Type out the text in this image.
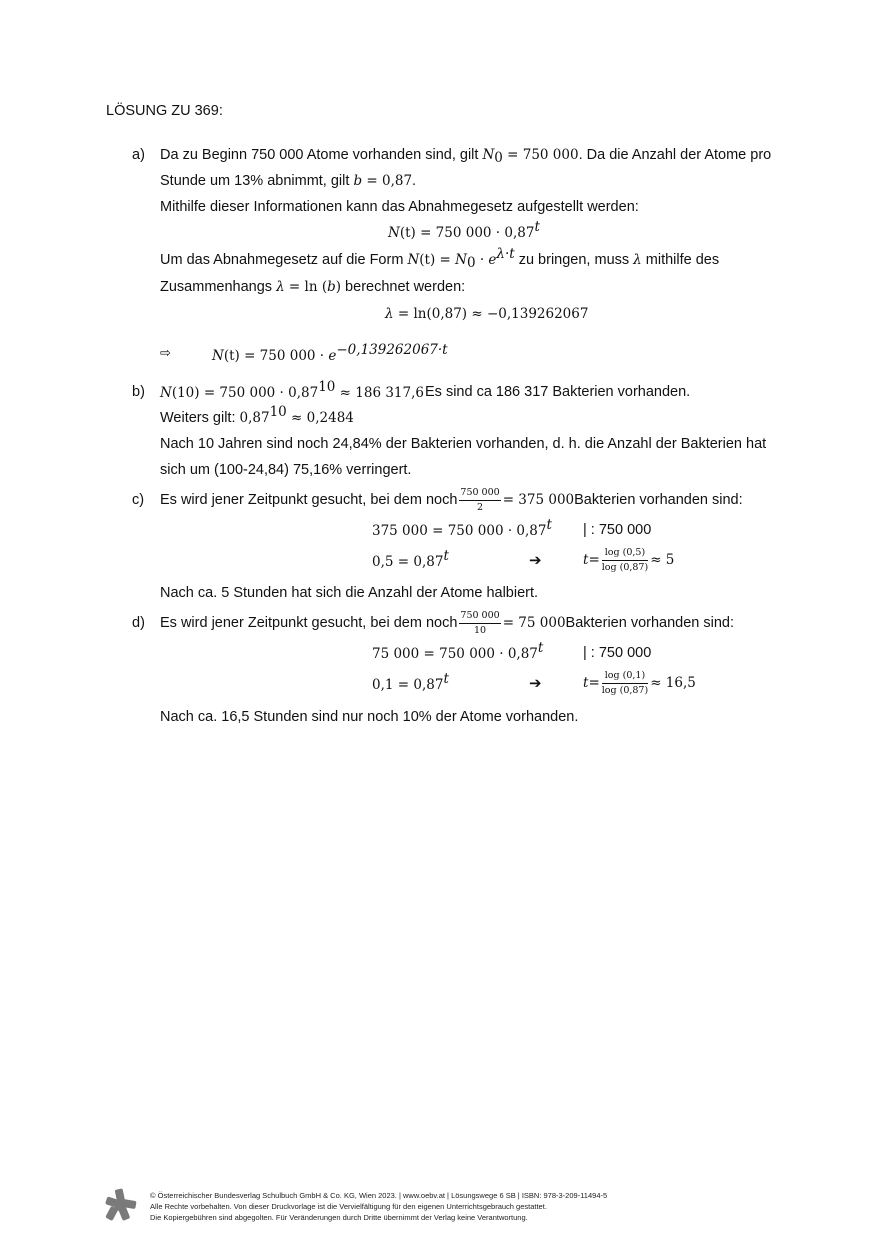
LÖSUNG ZU 369:
a) Da zu Beginn 750 000 Atome vorhanden sind, gilt $N_0 = 750$ 000. Da die Anzahl der Atome pro
Stunde um 13% abnimmt, gilt b = 0,87.
Mithilfe dieser Informationen kann das Abnahmegesetz aufgestellt werden:
N(t) = 750 $000 \cdot 0,87^t$
Um das Abnahmegesetz auf die Form $N(t) = N_0 \cdot e^{\lambda\cdot t}$ zu bringen, muss λ mithilfe des
Zusammenhangs λ = ln (b) berechnet werden:
λ = ln(0,87) ≈ −0,139262067
⇨	N(t) = 750 $000 \cdot e^{-0,139262067\cdot t}$
b) N(10) = 750 $000 \cdot 0,87^{10} \approx 186$ 317,6 Es sind ca 186 317 Bakterien vorhanden.
Weiters gilt: $0,87^{10} \approx 0,2484$
Nach 10 Jahren sind noch 24,84% der Bakterien vorhanden, d. h. die Anzahl der Bakterien hat
sich um (100-24,84) 75,16% verringert.
c) Es wird jener Zeitpunkt gesucht, bei dem noch $\frac{750 000}{2} = 375$ 000 Bakterien vorhanden sind:
375 000 = 750 $000 \cdot 0,87^t$ | : 750 000
$0,5 = 0,87^t$	➔	$t = \frac{\log (0,5)}{\log (0,87)} \approx 5$
Nach ca. 5 Stunden hat sich die Anzahl der Atome halbiert.
d) Es wird jener Zeitpunkt gesucht, bei dem noch $\frac{750 000}{10} = 75$ 000 Bakterien vorhanden sind:
75 000 = 750 $000 \cdot 0,87^t$	| : 750 000
$0,1 = 0,87^t$	➔	$t = \frac{\log (0,1)}{\log (0,87)} \approx 16,5$
Nach ca. 16,5 Stunden sind nur noch 10% der Atome vorhanden.
© Österreichischer Bundesverlag Schulbuch GmbH & Co. KG, Wien 2023. | www.oebv.at | Lösungswege 6 SB | ISBN: 978-3-209-11494-5
Alle Rechte vorbehalten. Von dieser Druckvorlage ist die Vervielfältigung für den eigenen Unterrichtsgebrauch gestattet.
Die Kopiergebühren sind abgegolten. Für Veränderungen durch Dritte übernimmt der Verlag keine Verantwortung.
